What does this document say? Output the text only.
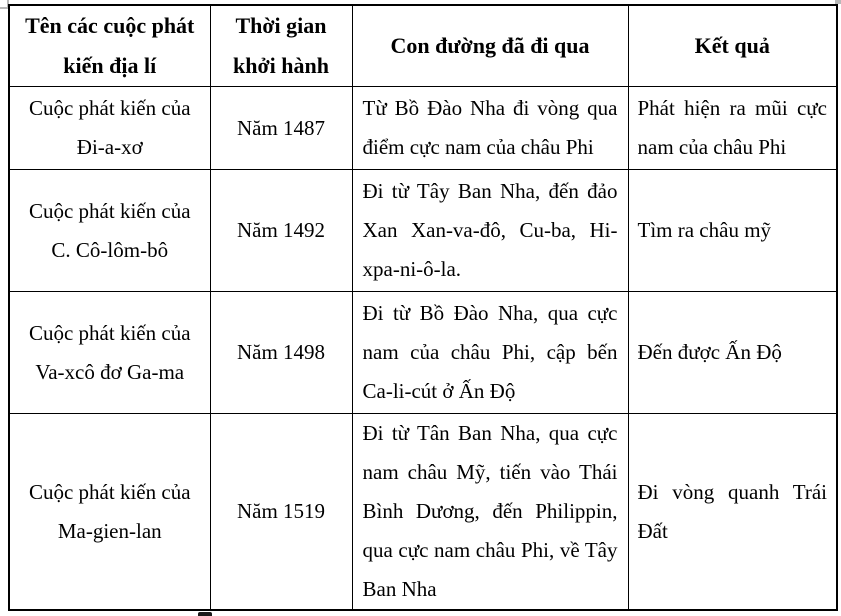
Tên các cuộc phát kiến địa lí	Thời gian khởi hành	Con đường đã đi qua	Kết quả
Cuộc phát kiến của Đi-a-xơ	Năm 1487	Từ Bồ Đào Nha đi vòng qua điểm cực nam của châu Phi	Phát hiện ra mũi cực nam của châu Phi
Cuộc phát kiến của C. Cô-lôm-bô	Năm 1492	Đi từ Tây Ban Nha, đến đảo Xan Xan-va-đô, Cu-ba, Hi-xpa-ni-ô-la.	Tìm ra châu mỹ
Cuộc phát kiến của Va-xcô đơ Ga-ma	Năm 1498	Đi từ Bồ Đào Nha, qua cực nam của châu Phi, cập bến Ca-li-cút ở Ấn Độ	Đến được Ấn Độ
Cuộc phát kiến của Ma-gien-lan	Năm 1519	Đi từ Tân Ban Nha, qua cực nam châu Mỹ, tiến vào Thái Bình Dương, đến Philippin, qua cực nam châu Phi, về Tây Ban Nha	Đi vòng quanh Trái Đất
